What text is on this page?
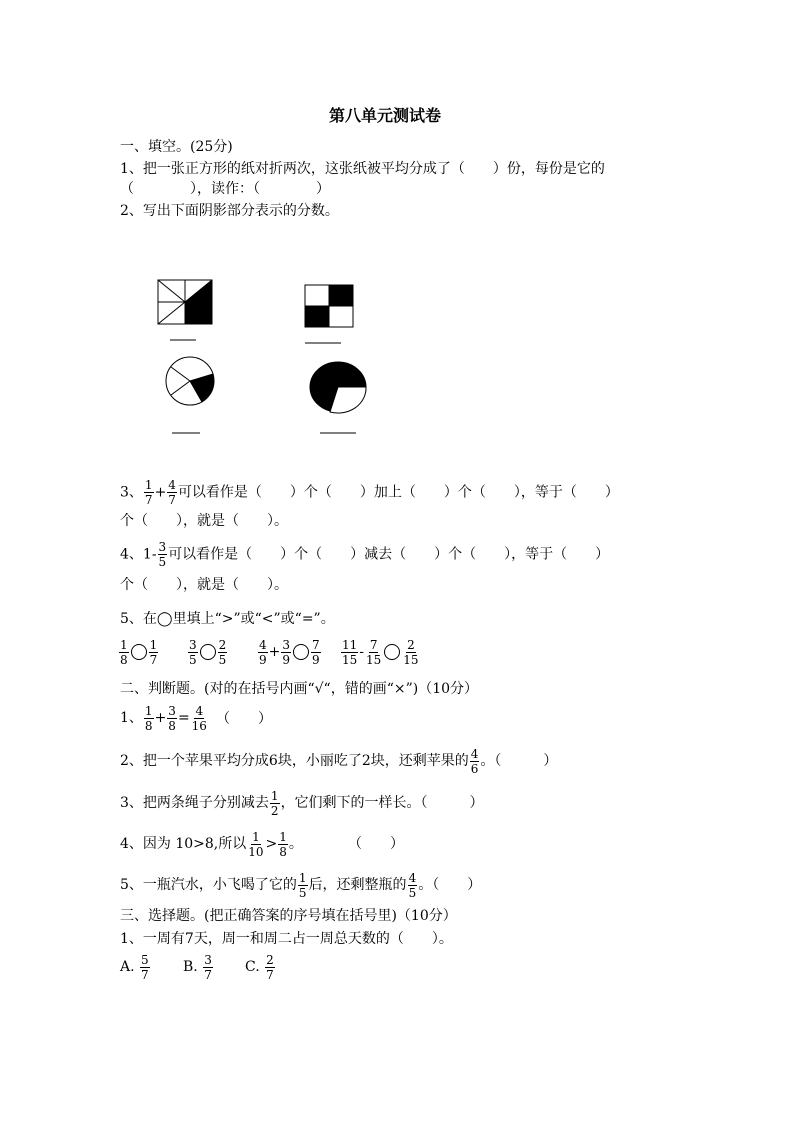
第八单元测试卷
一、填空。(25分)
1、把一张正方形的纸对折两次，这张纸被平均分成了（　　）份，每份是它的
（　　　　），读作：（　　　　）
2、写出下面阴影部分表示的分数。
3、 $\frac{1}{7} + \frac{4}{7}$ 可以看作是（　　）个（　　）加上（　　）个（　　），等于（　　）
个（　　），就是（　　）。
4、$1- \frac{3}{5}$ 可以看作是（　　）个（　　）减去（　　）个（　　），等于（　　）
个（　　），就是（　　）。
5、在◯里填上“>”或“<”或“=”。
$\frac{1}{8} \frac{1}{7} \frac{3}{5} \frac{2}{5}$	$\frac{4}{9} + \frac{3}{9} \frac{7}{9} \frac{11}{15} - \frac{7}{15} \frac{2}{15}$
二、判断题。(对的在括号内画“√“，错的画“×”)（10分）
1、 $\frac{1}{8} + \frac{3}{8} = \frac{4}{16}$ （　　）
2、把一个苹果平均分成6块，小丽吃了2块，还剩苹果的 $\frac{4}{6}$ 。（　　　）
3、把两条绳子分别减去 $\frac{1}{2}$ ，它们剩下的一样长。（　　　）
4、因为 10>8,所以 $\frac{1}{10} > \frac{1}{8}$ 。	（　　）
5、一瓶汽水，小飞喝了它的 $\frac{1}{5}$ 后，还剩整瓶的 $\frac{4}{5}$ 。（　　）
三、选择题。(把正确答案的序号填在括号里)（10分）
1、一周有7天，周一和周二占一周总天数的（　　）。
A. $\frac{5}{7} B$. $\frac{3}{7} C$. $\frac{2}{7}$
